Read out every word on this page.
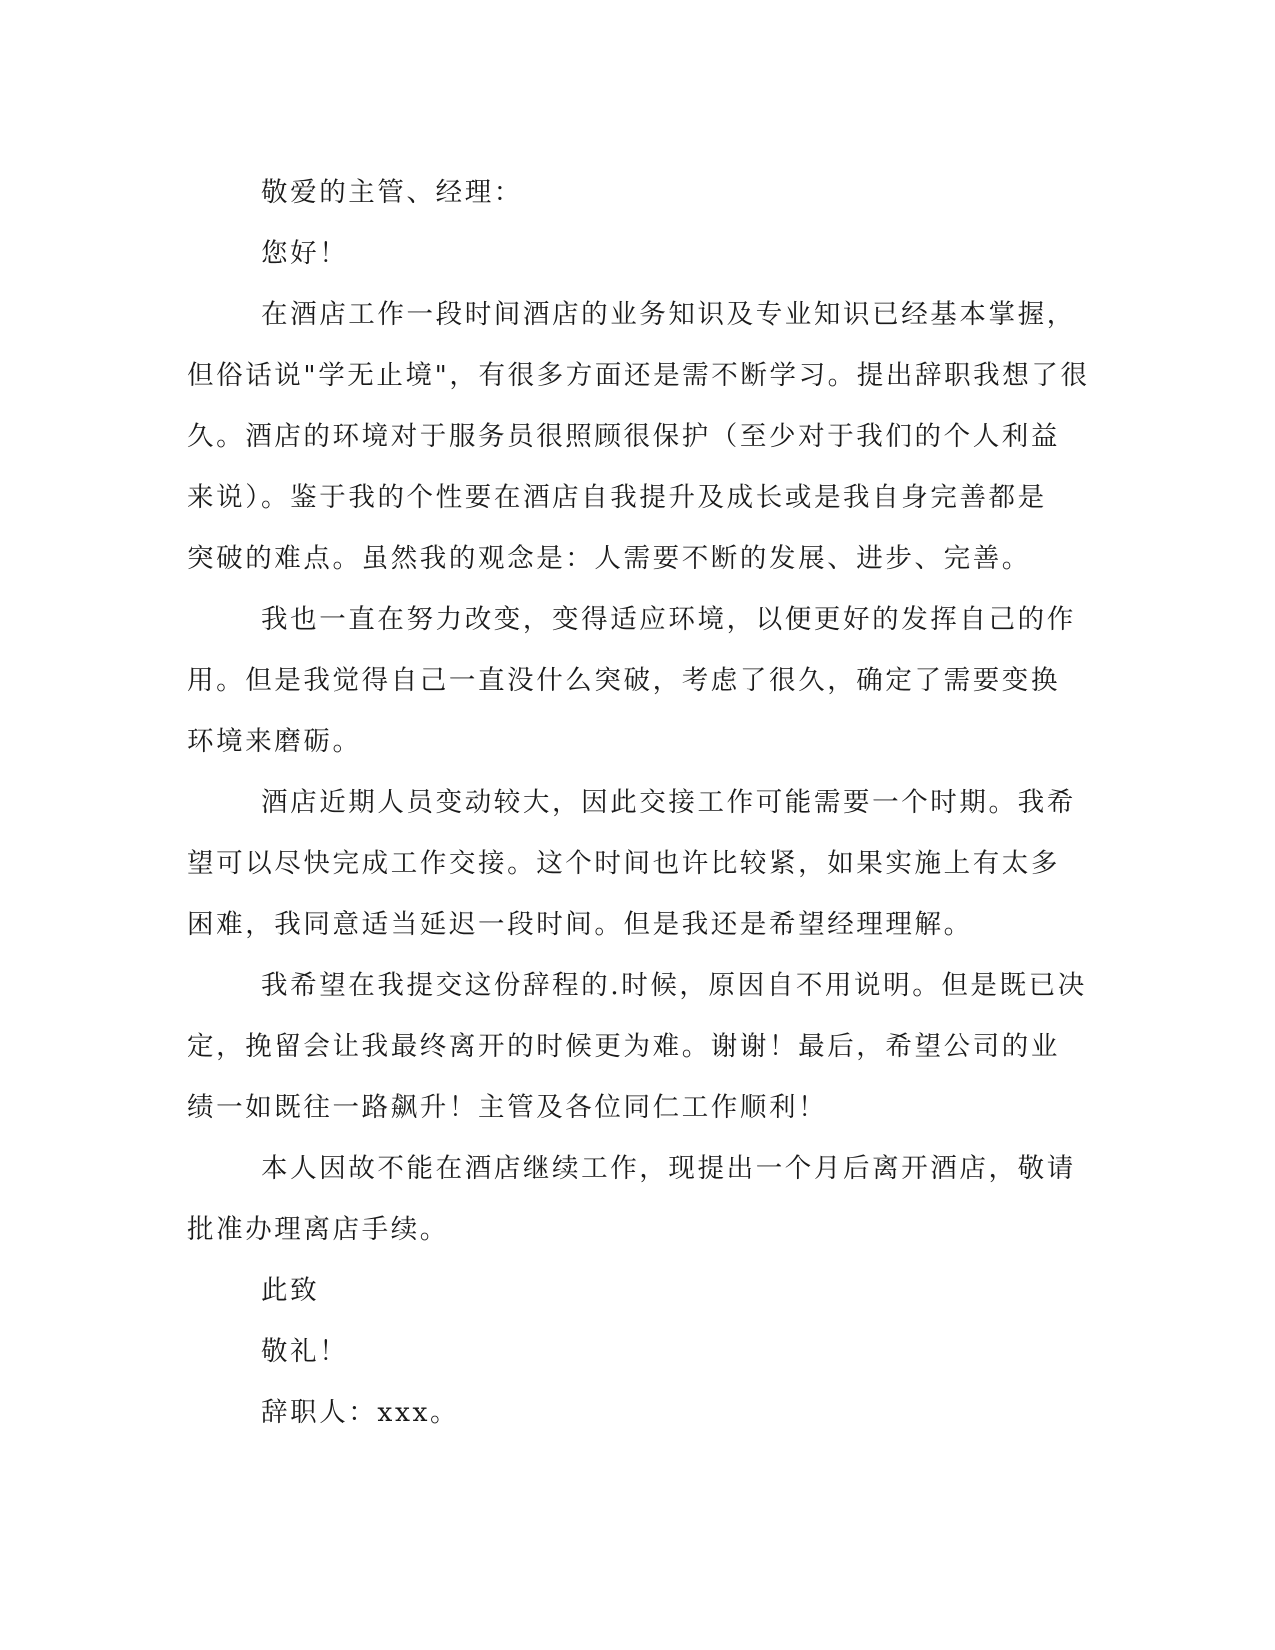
敬爱的主管、经理：
您好！
在酒店工作一段时间酒店的业务知识及专业知识已经基本掌握，
但俗话说"学无止境"，有很多方面还是需不断学习。提出辞职我想了很
久。酒店的环境对于服务员很照顾很保护（至少对于我们的个人利益
来说）。鉴于我的个性要在酒店自我提升及成长或是我自身完善都是
突破的难点。虽然我的观念是：人需要不断的发展、进步、完善。
我也一直在努力改变，变得适应环境，以便更好的发挥自己的作
用。但是我觉得自己一直没什么突破，考虑了很久，确定了需要变换
环境来磨砺。
酒店近期人员变动较大，因此交接工作可能需要一个时期。我希
望可以尽快完成工作交接。这个时间也许比较紧，如果实施上有太多
困难，我同意适当延迟一段时间。但是我还是希望经理理解。
我希望在我提交这份辞程的.时候，原因自不用说明。但是既已决
定，挽留会让我最终离开的时候更为难。谢谢！最后，希望公司的业
绩一如既往一路飙升！主管及各位同仁工作顺利！
本人因故不能在酒店继续工作，现提出一个月后离开酒店，敬请
批准办理离店手续。
此致
敬礼！
辞职人：xxx。
